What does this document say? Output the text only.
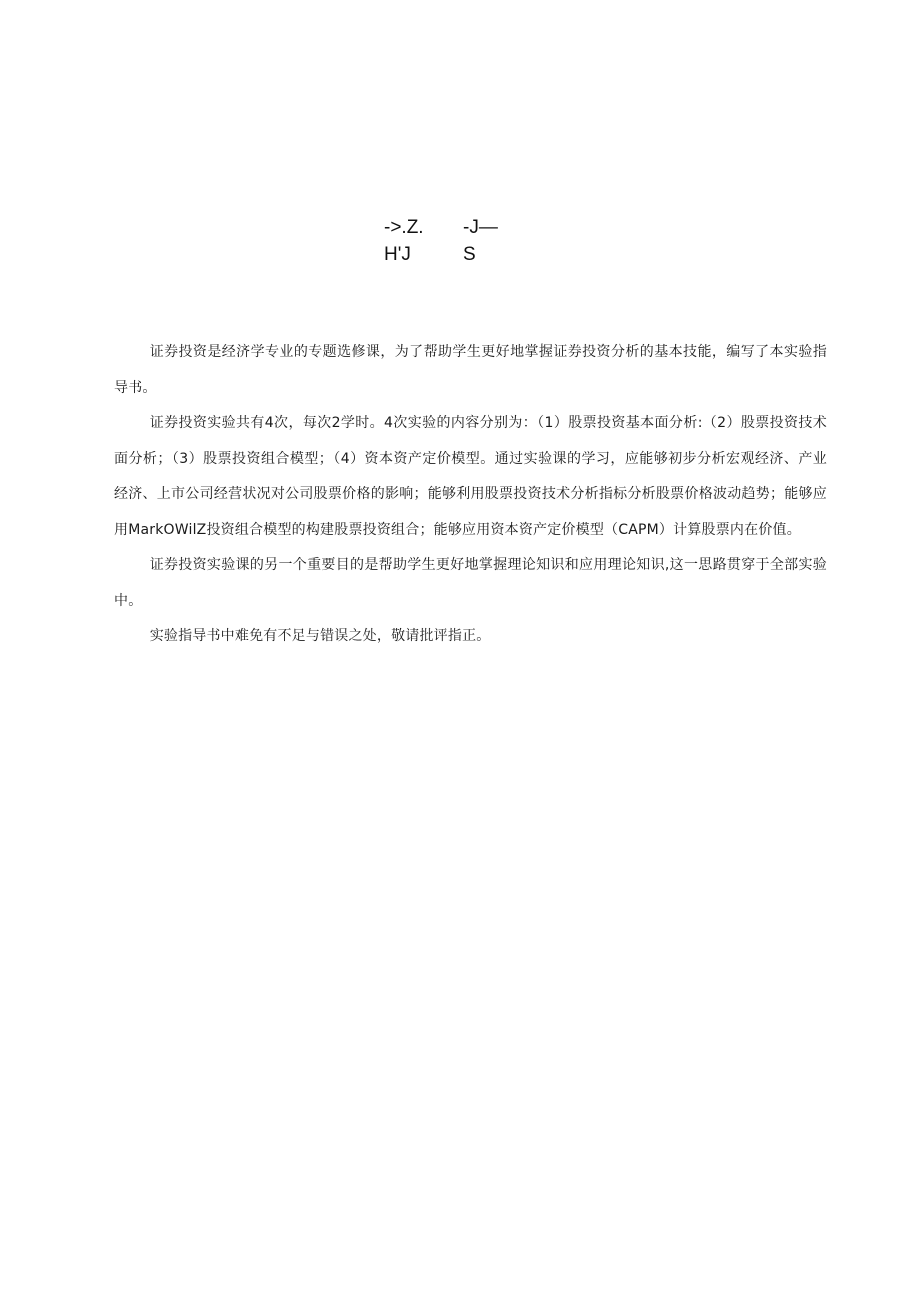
->.Z.	-J—
H'J	S

证券投资是经济学专业的专题选修课，为了帮助学生更好地掌握证券投资分析的基本技能，编写了本实验指导书。

证券投资实验共有4次，每次2学时。4次实验的内容分别为：（1）股票投资基本面分析:（2）股票投资技术面分析；（3）股票投资组合模型；（4）资本资产定价模型。通过实验课的学习，应能够初步分析宏观经济、产业经济、上市公司经营状况对公司股票价格的影响；能够利用股票投资技术分析指标分析股票价格波动趋势；能够应用MarkOWilZ投资组合模型的构建股票投资组合；能够应用资本资产定价模型（CAPM）计算股票内在价值。

证券投资实验课的另一个重要目的是帮助学生更好地掌握理论知识和应用理论知识,这一思路贯穿于全部实验中。

实验指导书中难免有不足与错误之处，敬请批评指正。
